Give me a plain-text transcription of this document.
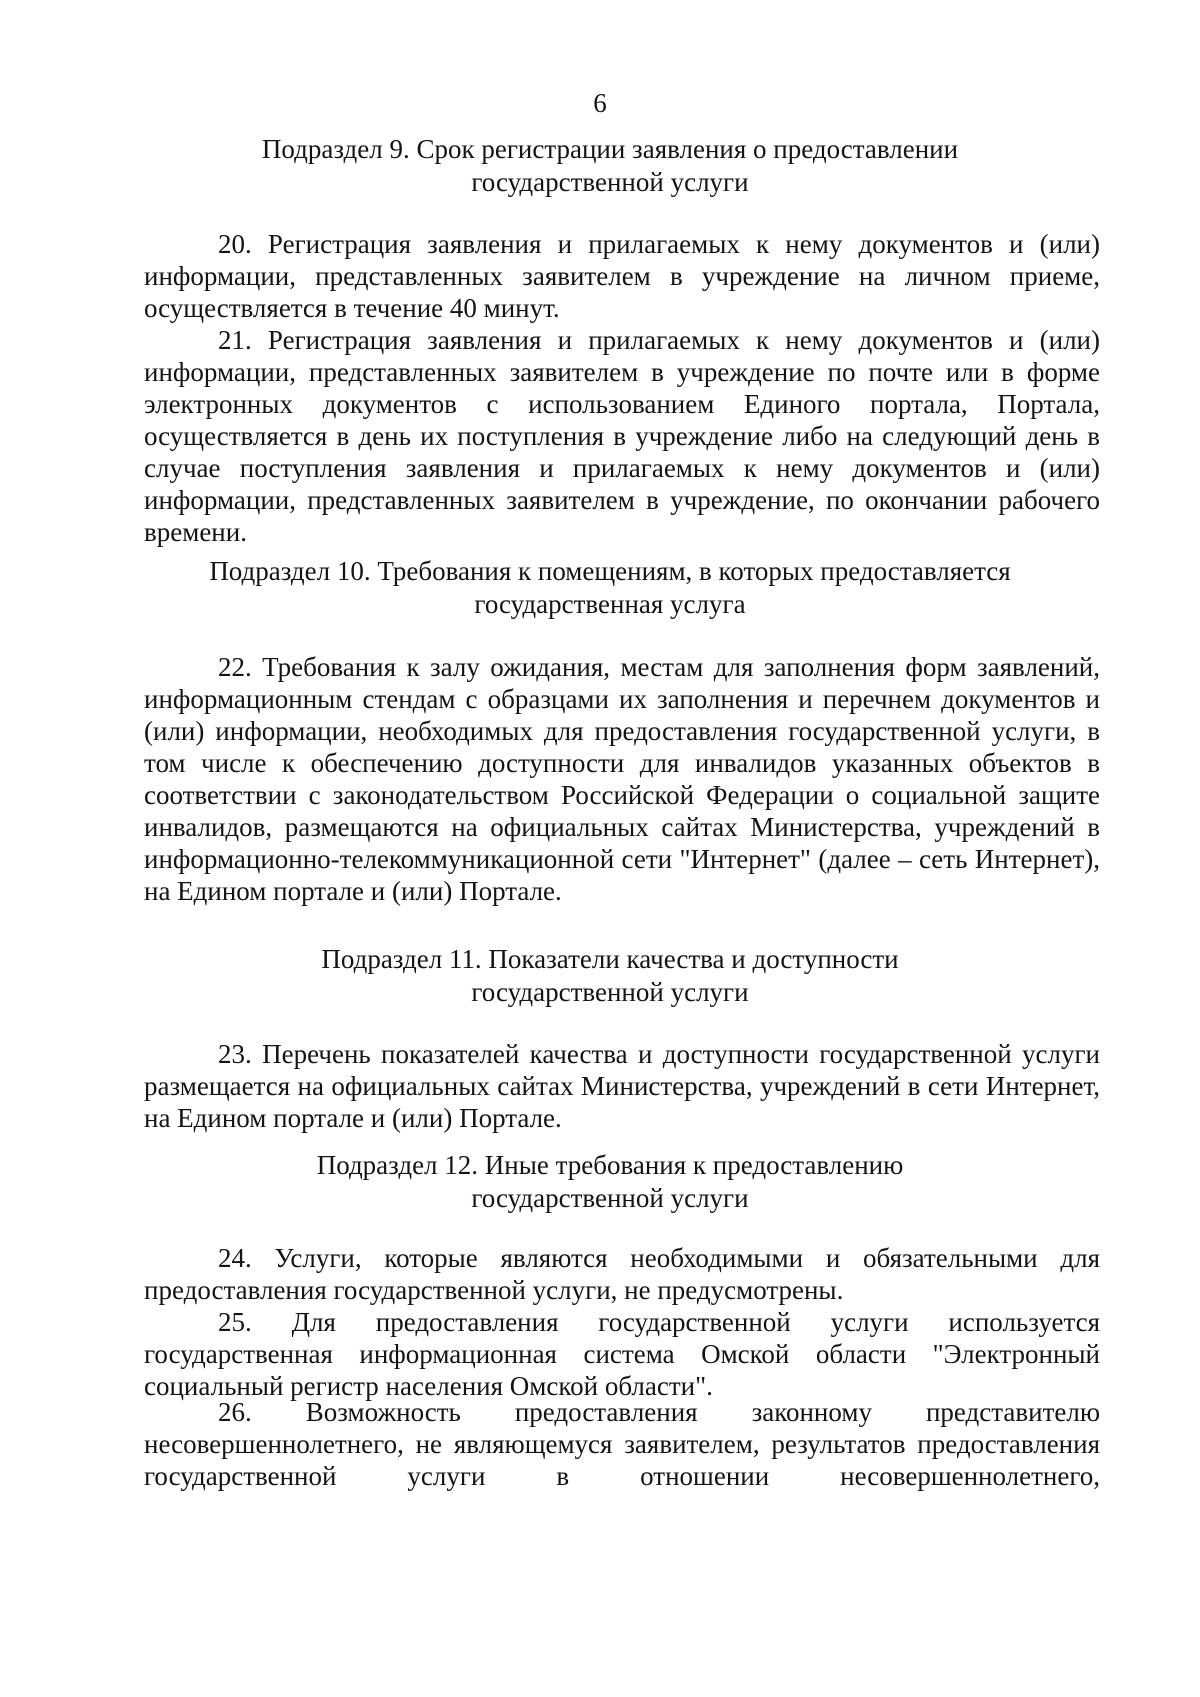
6
Подраздел 9. Срок регистрации заявления о предоставлении
государственной услуги

20. Регистрация заявления и прилагаемых к нему документов и (или) информации, представленных заявителем в учреждение на личном приеме, осуществляется в течение 40 минут.

21. Регистрация заявления и прилагаемых к нему документов и (или) информации, представленных заявителем в учреждение по почте или в форме электронных документов с использованием Единого портала, Портала, осуществляется в день их поступления в учреждение либо на следующий день в случае поступления заявления и прилагаемых к нему документов и (или) информации, представленных заявителем в учреждение, по окончании рабочего времени.

Подраздел 10. Требования к помещениям, в которых предоставляется
государственная услуга

22. Требования к залу ожидания, местам для заполнения форм заявлений, информационным стендам с образцами их заполнения и перечнем документов и (или) информации, необходимых для предоставления государственной услуги, в том числе к обеспечению доступности для инвалидов указанных объектов в соответствии с законодательством Российской Федерации о социальной защите инвалидов, размещаются на официальных сайтах Министерства, учреждений в информационно-телекоммуникационной сети "Интернет" (далее – сеть Интернет), на Едином портале и (или) Портале.

Подраздел 11. Показатели качества и доступности
государственной услуги

23. Перечень показателей качества и доступности государственной услуги размещается на официальных сайтах Министерства, учреждений в сети Интернет, на Едином портале и (или) Портале.

Подраздел 12. Иные требования к предоставлению
государственной услуги

24. Услуги, которые являются необходимыми и обязательными для предоставления государственной услуги, не предусмотрены.

25. Для предоставления государственной услуги используется государственная информационная система Омской области "Электронный социальный регистр населения Омской области".

26. Возможность предоставления законному представителю несовершеннолетнего, не являющемуся заявителем, результатов предоставления государственной услуги в отношении несовершеннолетнего,
